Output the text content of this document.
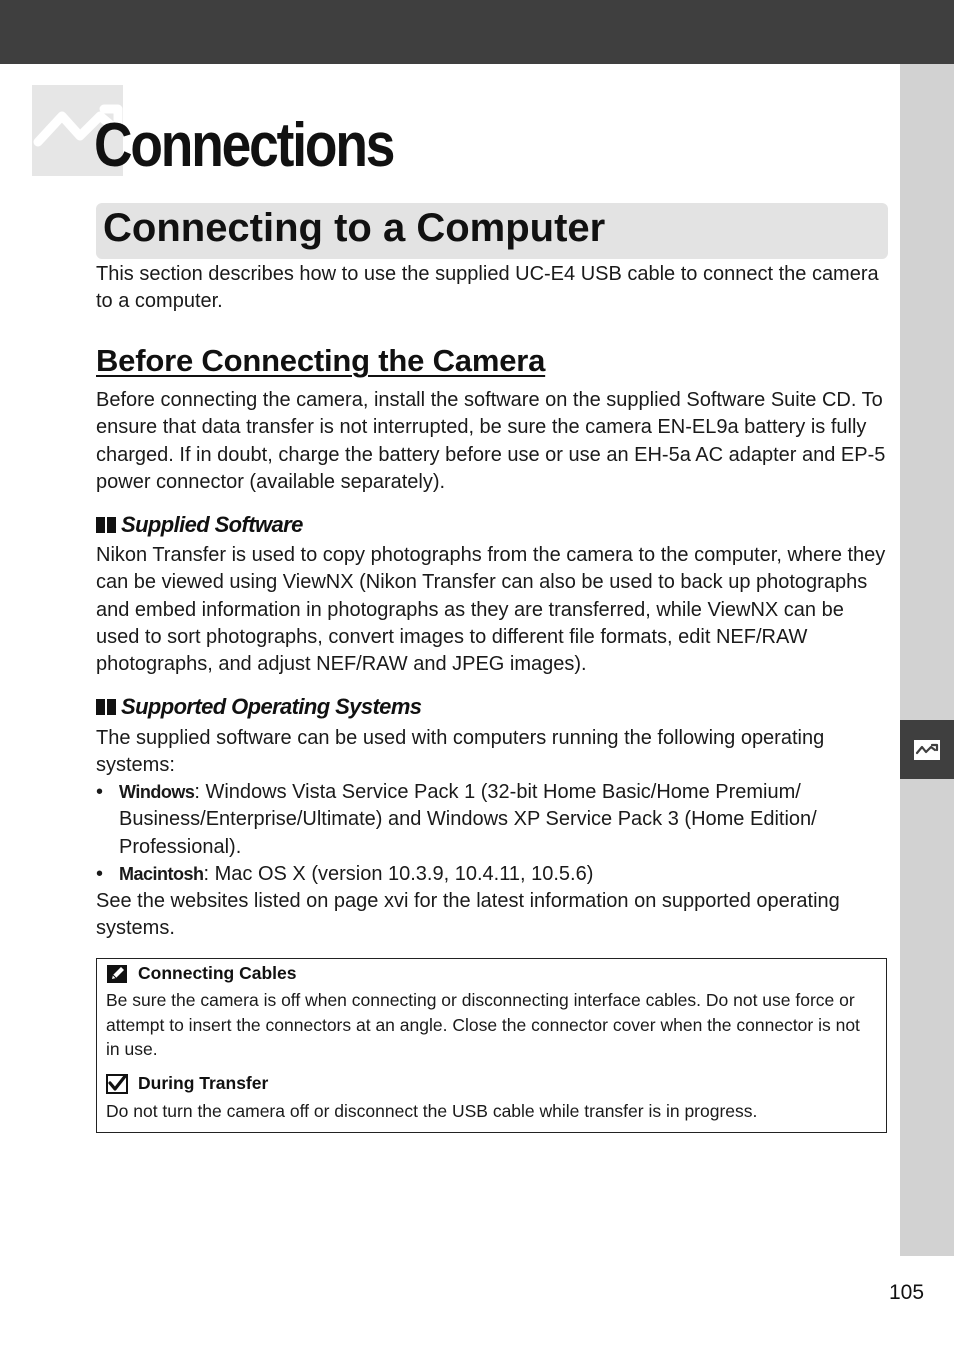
Connections
Connecting to a Computer

This section describes how to use the supplied UC-E4 USB cable to connect the camera to a computer.

Before Connecting the Camera

Before connecting the camera, install the software on the supplied Software Suite CD. To ensure that data transfer is not interrupted, be sure the camera EN-EL9a battery is fully charged. If in doubt, charge the battery before use or use an EH-5a AC adapter and EP-5 power connector (available separately).

Supplied Software

Nikon Transfer is used to copy photographs from the camera to the computer, where they can be viewed using ViewNX (Nikon Transfer can also be used to back up photographs and embed information in photographs as they are transferred, while ViewNX can be used to sort photographs, convert images to different file formats, edit NEF/RAW photographs, and adjust NEF/RAW and JPEG images).

Supported Operating Systems

The supplied software can be used with computers running the following operating systems:

• Windows: Windows Vista Service Pack 1 (32-bit Home Basic/Home Premium/ Business/Enterprise/Ultimate) and Windows XP Service Pack 3 (Home Edition/ Professional).
• Macintosh: Mac OS X (version 10.3.9, 10.4.11, 10.5.6)

See the websites listed on page xvi for the latest information on supported operating systems.

Connecting Cables

Be sure the camera is off when connecting or disconnecting interface cables. Do not use force or attempt to insert the connectors at an angle. Close the connector cover when the connector is not in use.

During Transfer

Do not turn the camera off or disconnect the USB cable while transfer is in progress.

105
